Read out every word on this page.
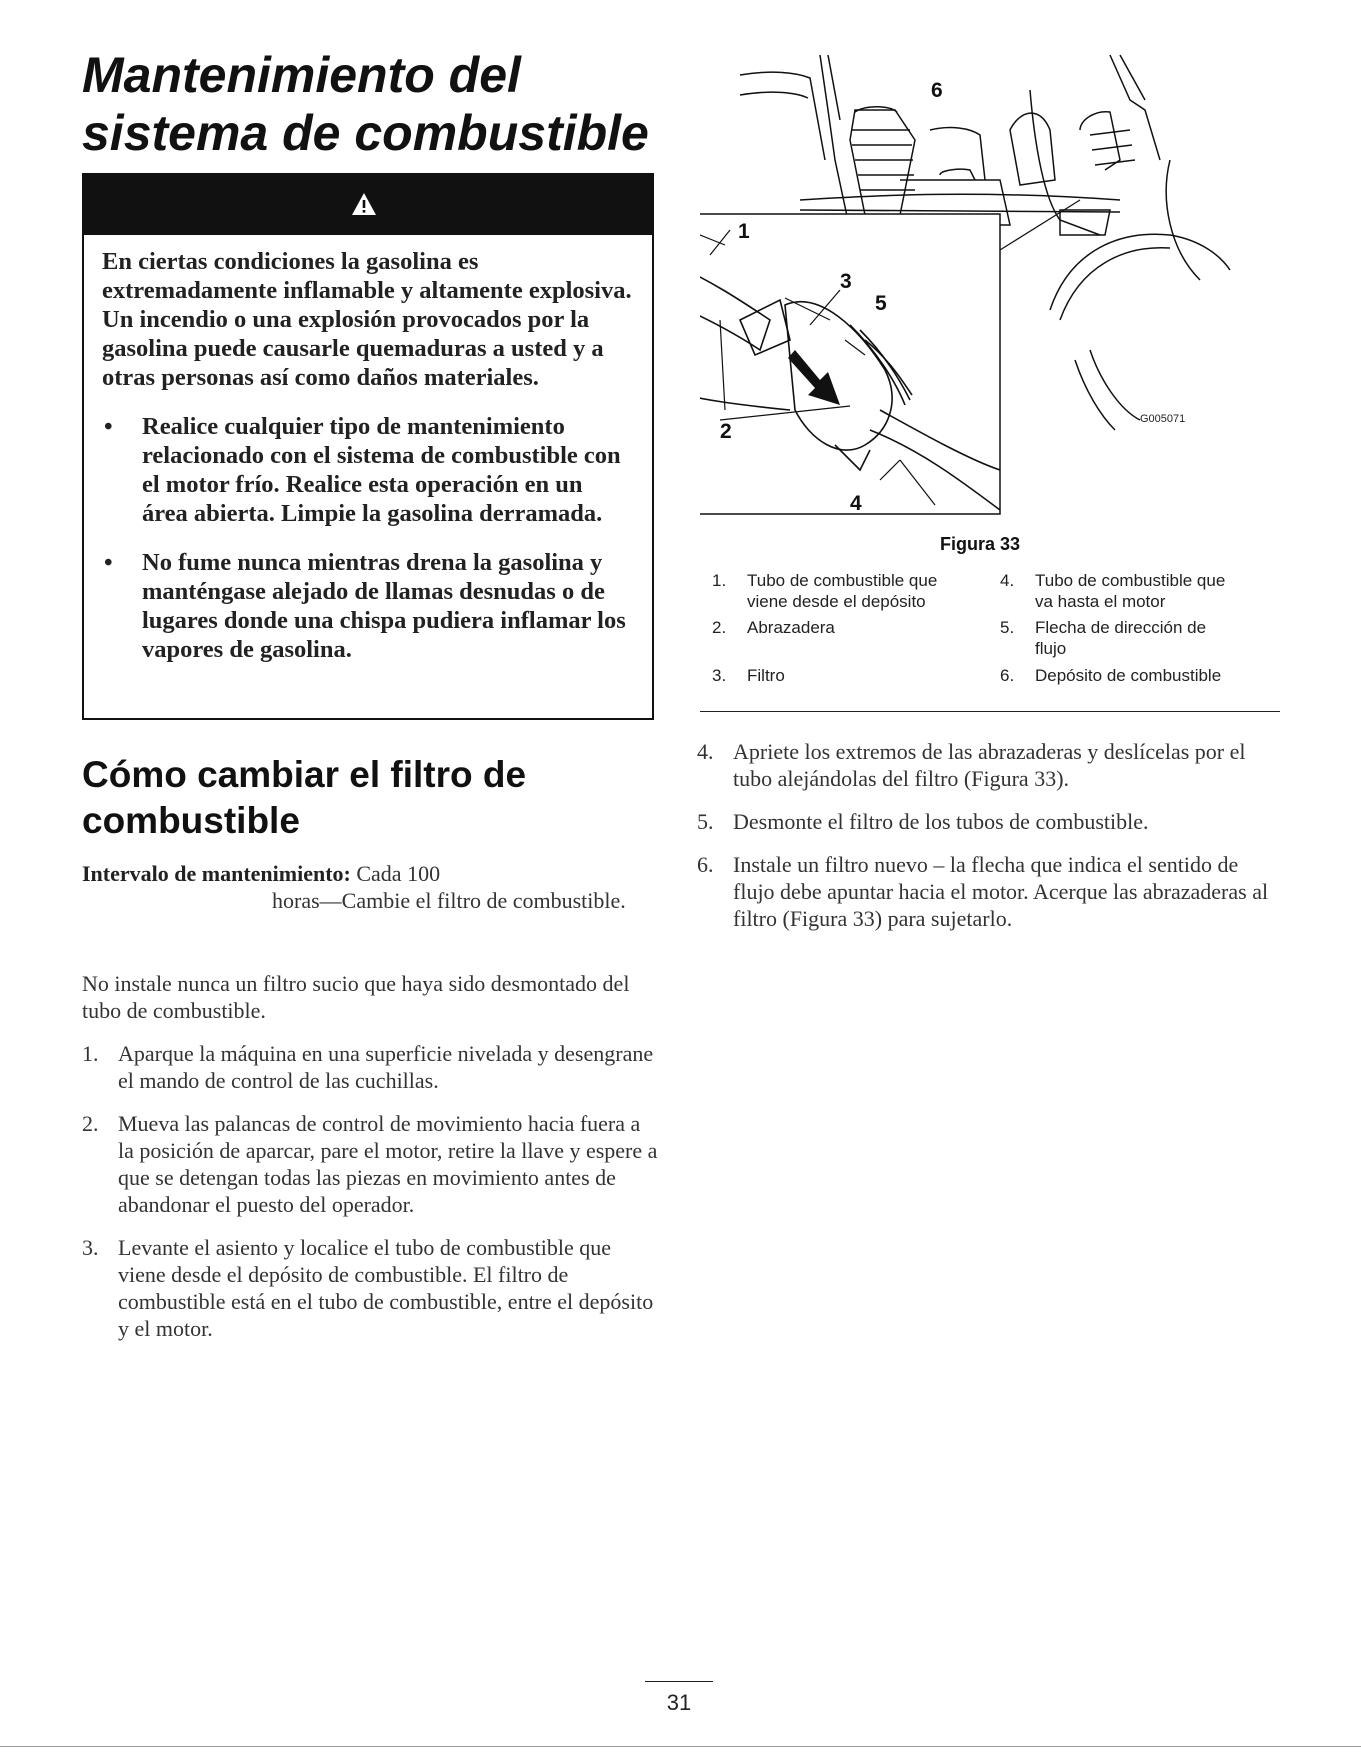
Mantenimiento del
sistema de combustible

En ciertas condiciones la gasolina es extremadamente inflamable y altamente explosiva. Un incendio o una explosión provocados por la gasolina puede causarle quemaduras a usted y a otras personas así como daños materiales.

• Realice cualquier tipo de mantenimiento relacionado con el sistema de combustible con el motor frío. Realice esta operación en un área abierta. Limpie la gasolina derramada.
• No fume nunca mientras drena la gasolina y manténgase alejado de llamas desnudas o de lugares donde una chispa pudiera inflamar los vapores de gasolina.
Cómo cambiar el filtro de combustible
Intervalo de mantenimiento: Cada 100
horas—Cambie el filtro de combustible.
No instale nunca un filtro sucio que haya sido desmontado del tubo de combustible.
1. Aparque la máquina en una superficie nivelada y desengrane el mando de control de las cuchillas.
2. Mueva las palancas de control de movimiento hacia fuera a la posición de aparcar, pare el motor, retire la llave y espere a que se detengan todas las piezas en movimiento antes de abandonar el puesto del operador.
3. Levante el asiento y localice el tubo de combustible que viene desde el depósito de combustible. El filtro de combustible está en el tubo de combustible, entre el depósito y el motor.
6
1
3
5
2
4
G005071
Figura 33
1.	Tubo de combustible que
viene desde el depósito
2.	Abrazadera
3.	Filtro
4.	Tubo de combustible que
va hasta el motor
5.	Flecha de dirección de
flujo
6.	Depósito de combustible
4. Apriete los extremos de las abrazaderas y deslícelas por el tubo alejándolas del filtro (Figura 33).
5. Desmonte el filtro de los tubos de combustible.
6. Instale un filtro nuevo – la flecha que indica el sentido de flujo debe apuntar hacia el motor. Acerque las abrazaderas al filtro (Figura 33) para sujetarlo.
31
